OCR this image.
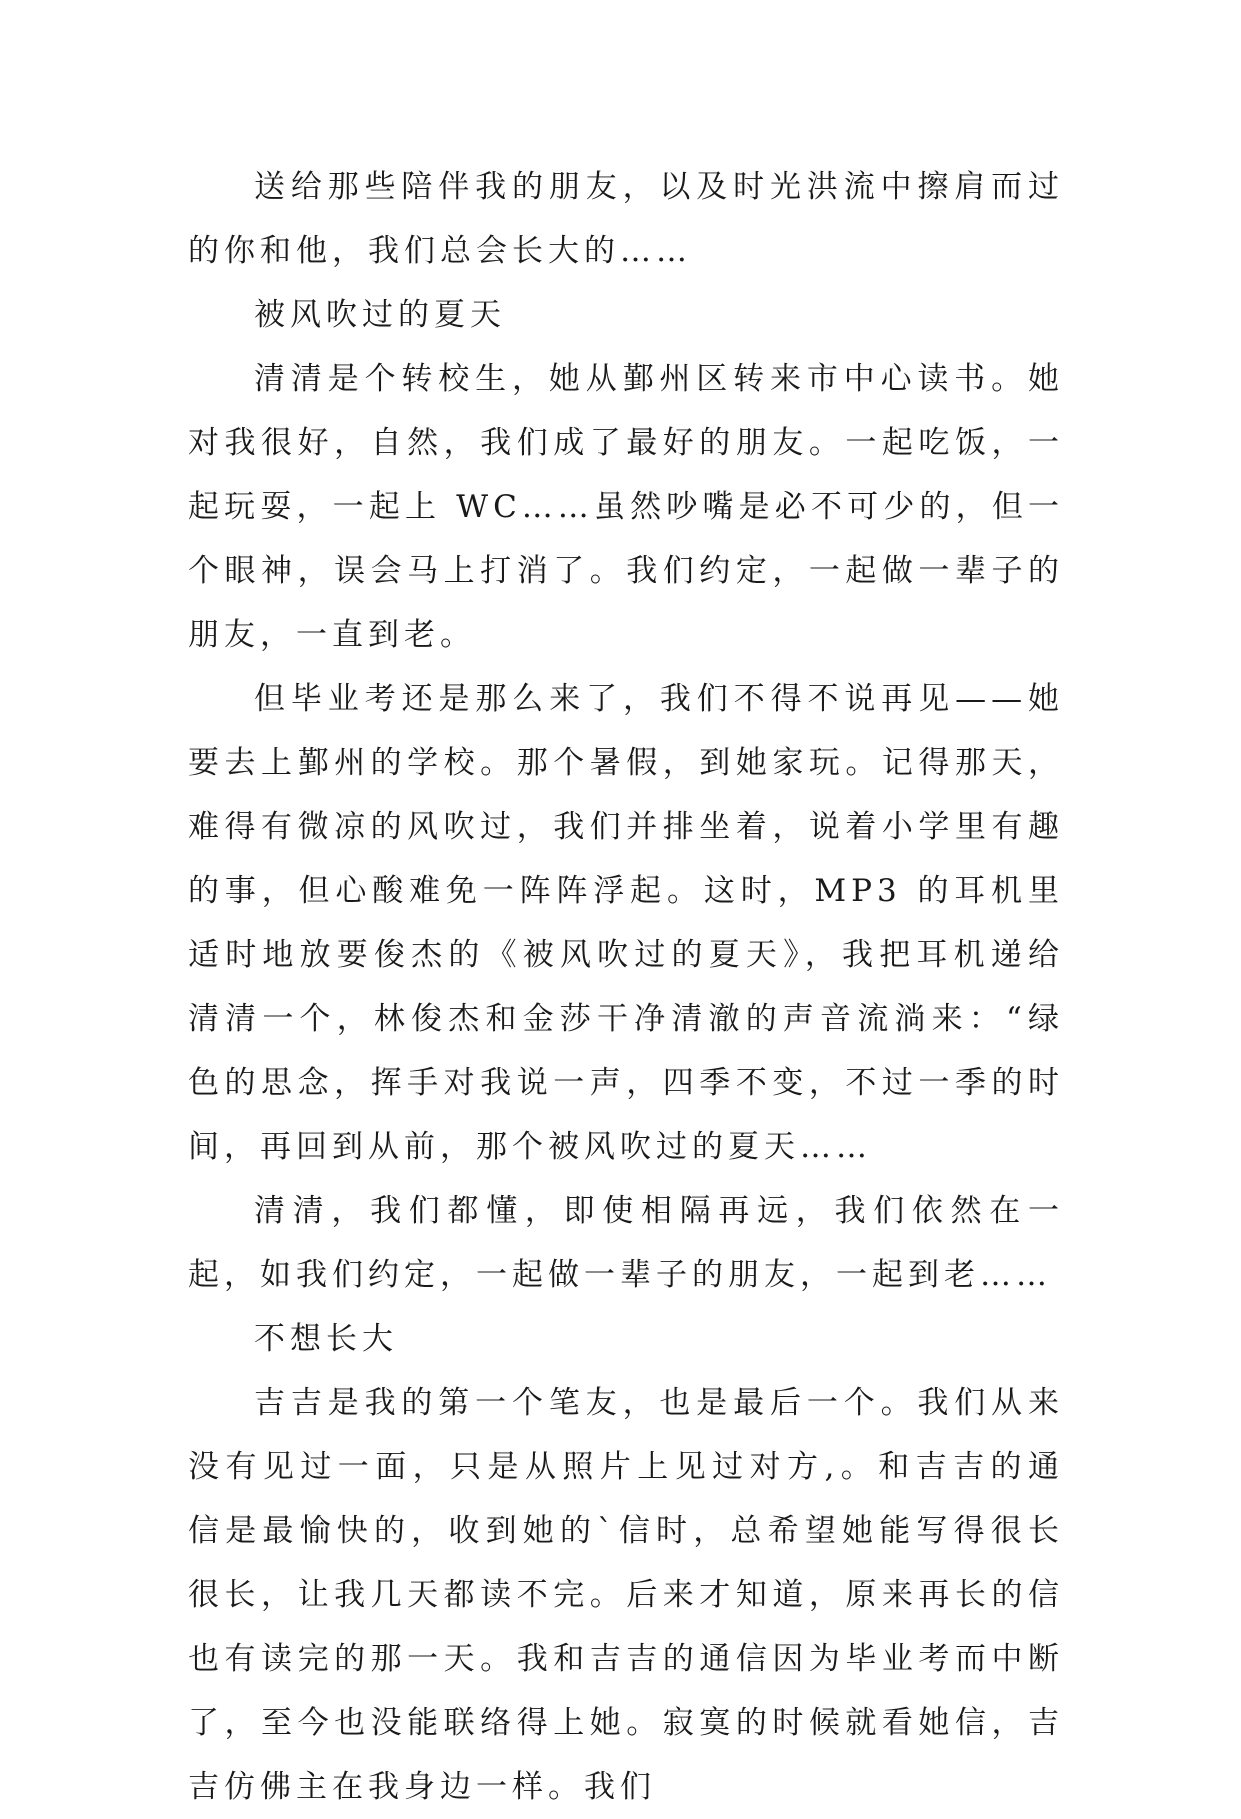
送给那些陪伴我的朋友，以及时光洪流中擦肩而过的你和他，我们总会长大的……

被风吹过的夏天

清清是个转校生，她从鄞州区转来市中心读书。她对我很好，自然，我们成了最好的朋友。一起吃饭，一起玩耍，一起上 WC……虽然吵嘴是必不可少的，但一个眼神，误会马上打消了。我们约定，一起做一辈子的朋友，一直到老。

但毕业考还是那么来了，我们不得不说再见——她要去上鄞州的学校。那个暑假，到她家玩。记得那天，难得有微凉的风吹过，我们并排坐着，说着小学里有趣的事，但心酸难免一阵阵浮起。这时，MP3 的耳机里适时地放要俊杰的《被风吹过的夏天》，我把耳机递给清清一个，林俊杰和金莎干净清澈的声音流淌来：“绿色的思念，挥手对我说一声，四季不变，不过一季的时间，再回到从前，那个被风吹过的夏天……

清清，我们都懂，即使相隔再远，我们依然在一起，如我们约定，一起做一辈子的朋友，一起到老……

不想长大

吉吉是我的第一个笔友，也是最后一个。我们从来没有见过一面，只是从照片上见过对方,。和吉吉的通信是最愉快的，收到她的`信时，总希望她能写得很长很长，让我几天都读不完。后来才知道，原来再长的信也有读完的那一天。我和吉吉的通信因为毕业考而中断了，至今也没能联络得上她。寂寞的时候就看她信，吉吉仿佛主在我身边一样。我们
